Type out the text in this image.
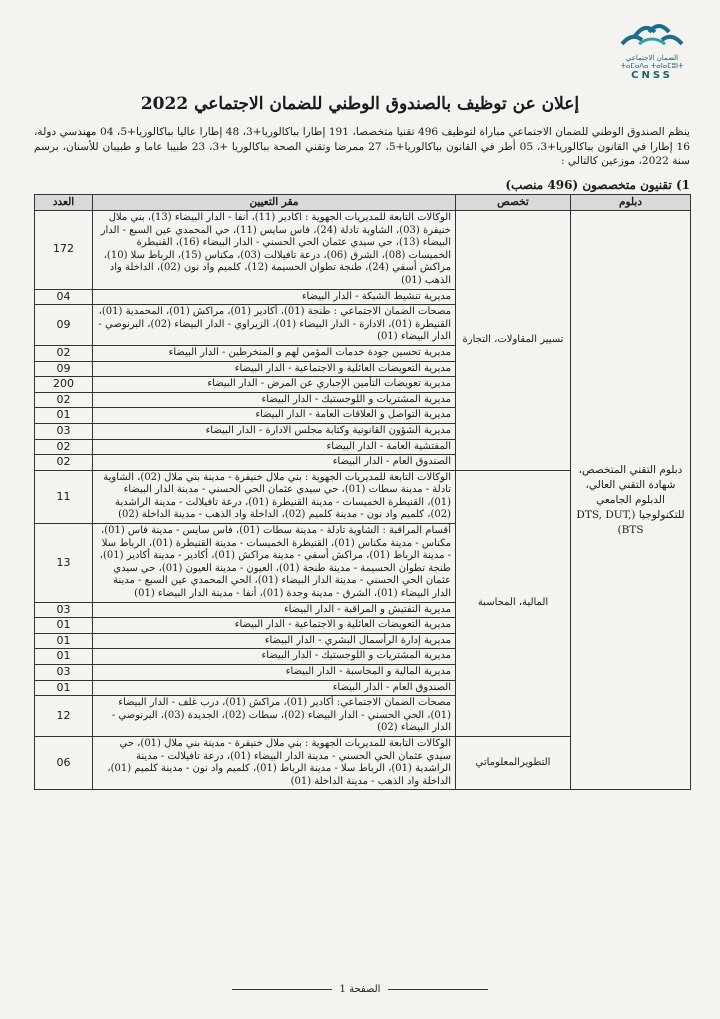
الضمان الاجتماعي
ⵜⴰⵎⴰⴷⴰ ⵜⴰⵏⴰⵎⵓⵏⵜ
CNSS
إعلان عن توظيف بالصندوق الوطني للضمان الاجتماعي 2022
ينظم الصندوق الوطني للضمان الاجتماعي مباراة لتوظيف 496 تقنيا متخصصا، 191 إطارا بباكالوريا+3، 48 إطارا عاليا بباكالوريا+5، 04 مهندسي دولة، 16 إطارا في القانون بباكالوريا+3، 05 أطر في القانون بباكالوريا+5، 27 ممرضا وتقني الصحة بباكالوريا +3، 23 طبيبا عاما و طبيبان للأسنان، برسم سنة 2022، موزعين كالتالي :
1) تقنيون متخصصون (496 منصب)
دبلوم	تخصص	مقر التعيين	العدد
دبلوم التقني المتخصص، شهادة التقني العالي، الدبلوم الجامعي للتكنولوجيا (DTS, DUT, BTS)	تسيير المقاولات، التجارة	الوكالات التابعة للمديريات الجهوية : اكادير (11)، أنفا - الدار البيضاء (13)، بني ملال خنيفرة (03)، الشاوية تادلة (24)، فاس سايس (11)، حي المحمدي عين السبع - الدار البيضاء (13)، حي سيدي عثمان الحي الحسني - الدار البيضاء (16)، القنيطرة الخميسات (08)، الشرق (06)، درعة تافيلالت (03)، مكناس (15)، الرباط سلا (10)، مراكش أسفي (24)، طنجة تطوان الحسيمة (12)، كلميم واد نون (02)، الداخلة واد الذهب (01)	172
		مديرية تنشيط الشبكة - الدار البيضاء	04
		مصحات الضمان الاجتماعي : طنجة (01)، أكادير (01)، مراكش (01)، المحمدية (01)، القنيطرة (01)، الادارة - الدار البيضاء (01)، الزيراوي - الدار البيضاء (02)، البرنوصي - الدار البيضاء (01)	09
		مديرية تحسين جودة خدمات المؤمن لهم و المنخرطين - الدار البيضاء	02
		مديرية التعويضات العائلية و الاجتماعية - الدار البيضاء	09
		مديرية تعويضات التأمين الإجباري عن المرض - الدار البيضاء	200
		مديرية المشتريات و اللوجستيك - الدار البيضاء	02
		مديرية التواصل و العلاقات العامة - الدار البيضاء	01
		مديرية الشؤون القانونية وكتابة مجلس الادارة - الدار البيضاء	03
		المفتشية العامة - الدار البيضاء	02
		الصندوق العام - الدار البيضاء	02
	المالية، المحاسبة	الوكالات التابعة للمديريات الجهوية : بني ملال خنيفرة - مدينة بني ملال (02)، الشاوية تادلة - مدينة سطات (01)، حي سيدي عثمان الحي الحسني - مدينة الدار البيضاء (01)، القنيطرة الخميسات - مدينة القنيطرة (01)، درعة تافيلالت - مدينة الراشدية (02)، كلميم واد نون - مدينة كلميم (02)، الداخلة واد الذهب - مدينة الداخلة (02)	11
		أقسام المراقبة : الشاوية تادلة - مدينة سطات (01)، فاس سايس - مدينة فاس (01)، مكناس - مدينة مكناس (01)، القنيطرة الخميسات - مدينة القنيطرة (01)، الرباط سلا - مدينة الرباط (01)، مراكش أسفي - مدينة مراكش (01)، أكادير - مدينة أكادير (01)، طنجة تطوان الحسيمة - مدينة طنجة (01)، العيون - مدينة العيون (01)، حي سيدي عثمان الحي الحسني - مدينة الدار البيضاء (01)، الحي المحمدي عين السبع - مدينة الدار البيضاء (01)، الشرق - مدينة وجدة (01)، أنفا - مدينة الدار البيضاء (01)	13
		مديرية التفتيش و المراقبة - الدار البيضاء	03
		مديرية التعويضات العائلية و الاجتماعية - الدار البيضاء	01
		مديرية إدارة الرأسمال البشري - الدار البيضاء	01
		مديرية المشتريات و اللوجستيك - الدار البيضاء	01
		مديرية المالية و المحاسبة - الدار البيضاء	03
		الصندوق العام - الدار البيضاء	01
		مصحات الضمان الاجتماعي: أكادير (01)، مراكش (01)، درب غلف - الدار البيضاء (01)، الحي الحسني - الدار البيضاء (02)، سطات (02)، الجديدة (03)، البرنوصي - الدار البيضاء (02)	12
	التطويرالمعلوماتي	الوكالات التابعة للمديريات الجهوية : بني ملال خنيفرة - مدينة بني ملال (01)، حي سيدي عثمان الحي الحسني - مدينة الدار البيضاء (01)، درعة تافيلالت - مدينة الراشدية (01)، الرباط سلا - مدينة الرباط (01)، كلميم واد نون - مدينة كلميم (01)، الداخلة واد الذهب - مدينة الداخلة (01)	06
الصفحة 1
